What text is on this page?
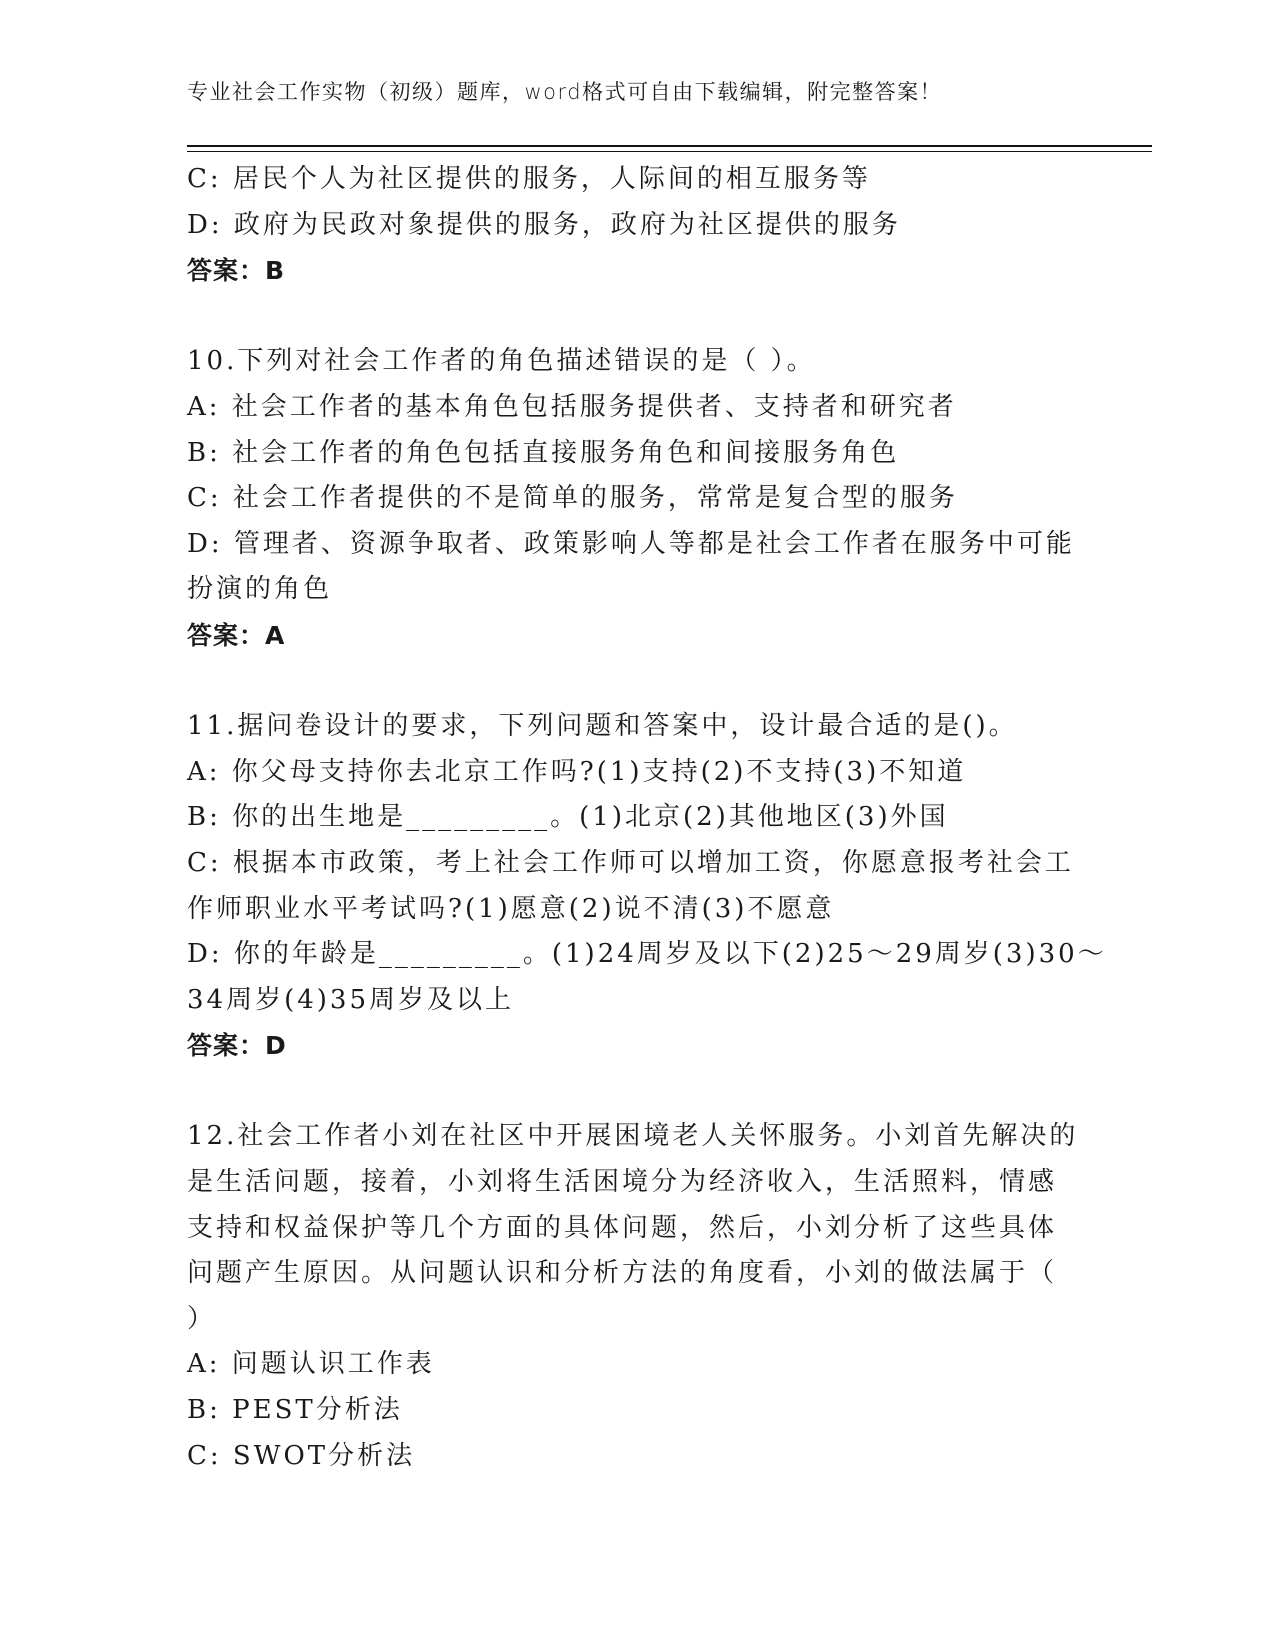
专业社会工作实物（初级）题库，word格式可自由下载编辑，附完整答案！
C: 居民个人为社区提供的服务，人际间的相互服务等
D: 政府为民政对象提供的服务，政府为社区提供的服务
答案：B
10.下列对社会工作者的角色描述错误的是（ ）。
A: 社会工作者的基本角色包括服务提供者、支持者和研究者
B: 社会工作者的角色包括直接服务角色和间接服务角色
C: 社会工作者提供的不是简单的服务，常常是复合型的服务
D: 管理者、资源争取者、政策影响人等都是社会工作者在服务中可能
扮演的角色
答案：A
11.据问卷设计的要求，下列问题和答案中，设计最合适的是()。
A: 你父母支持你去北京工作吗?(1)支持(2)不支持(3)不知道
B: 你的出生地是_________。(1)北京(2)其他地区(3)外国
C: 根据本市政策，考上社会工作师可以增加工资，你愿意报考社会工
作师职业水平考试吗?(1)愿意(2)说不清(3)不愿意
D: 你的年龄是_________。(1)24周岁及以下(2)25～29周岁(3)30～
34周岁(4)35周岁及以上
答案：D
12.社会工作者小刘在社区中开展困境老人关怀服务。小刘首先解决的
是生活问题，接着，小刘将生活困境分为经济收入，生活照料，情感
支持和权益保护等几个方面的具体问题，然后，小刘分析了这些具体
问题产生原因。从问题认识和分析方法的角度看，小刘的做法属于（
）
A: 问题认识工作表
B: PEST分析法
C: SWOT分析法
